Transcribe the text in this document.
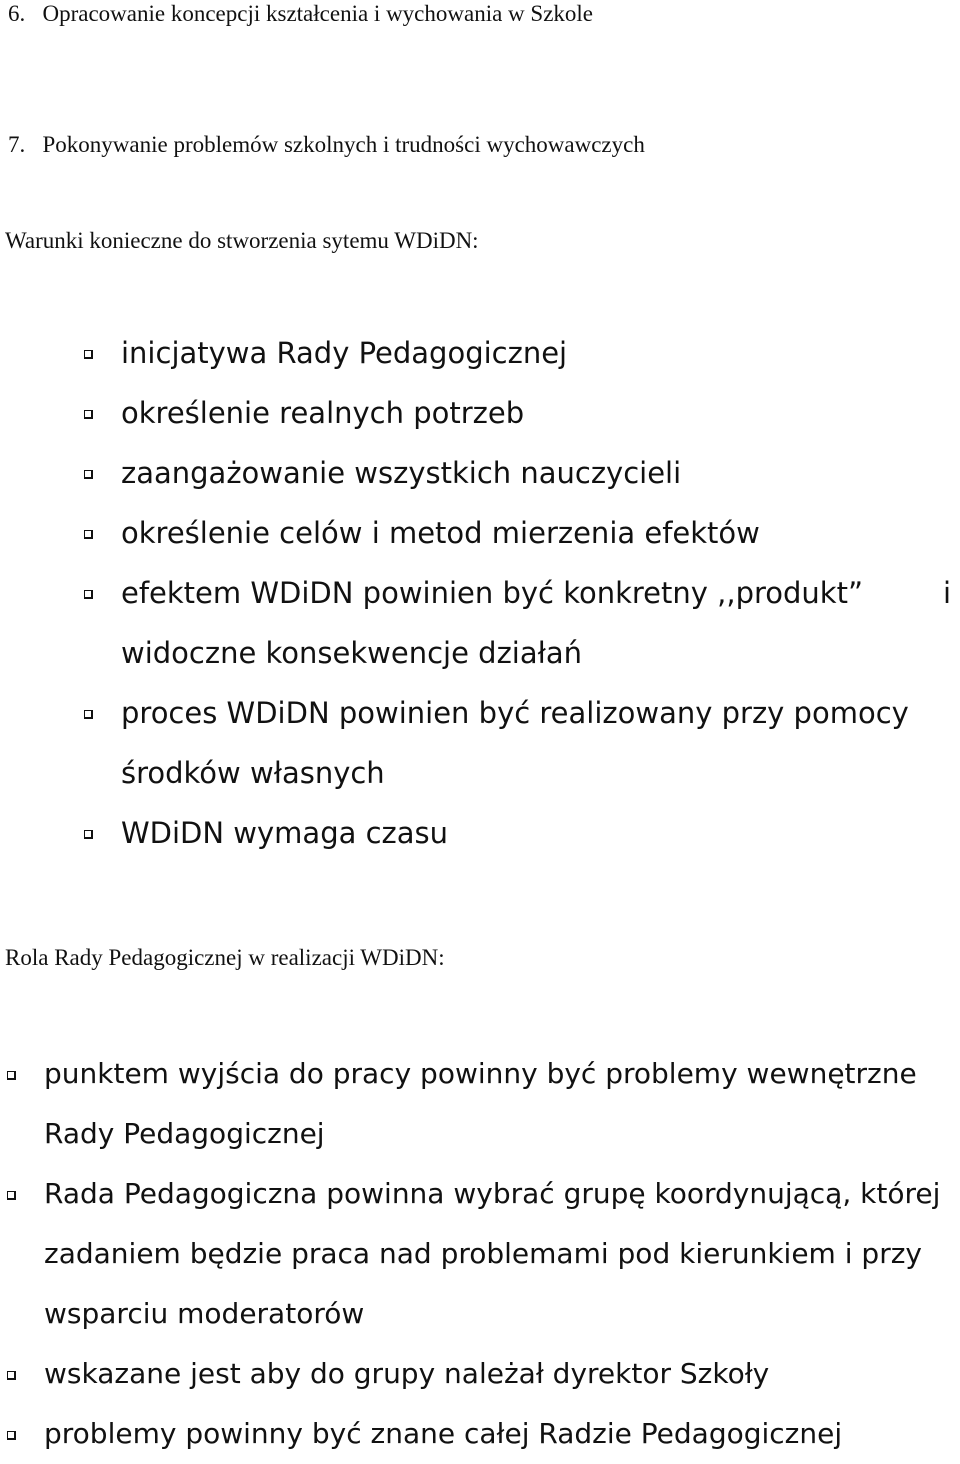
6. Opracowanie koncepcji kształcenia i wychowania w Szkole
7. Pokonywanie problemów szkolnych i trudności wychowawczych
Warunki konieczne do stworzenia sytemu WDiDN:
inicjatywa Rady Pedagogicznej
określenie realnych potrzeb
zaangażowanie wszystkich nauczycieli
określenie celów i metod mierzenia efektów
efektem WDiDN powinien być konkretny ,,produkt”	i
widoczne konsekwencje działań
proces WDiDN powinien być realizowany przy pomocy
środków własnych
WDiDN wymaga czasu
Rola Rady Pedagogicznej w realizacji WDiDN:
punktem wyjścia do pracy powinny być problemy wewnętrzne
Rady Pedagogicznej
Rada Pedagogiczna powinna wybrać grupę koordynującą, której
zadaniem będzie praca nad problemami pod kierunkiem i przy
wsparciu moderatorów
wskazane jest aby do grupy należał dyrektor Szkoły
problemy powinny być znane całej Radzie Pedagogicznej
